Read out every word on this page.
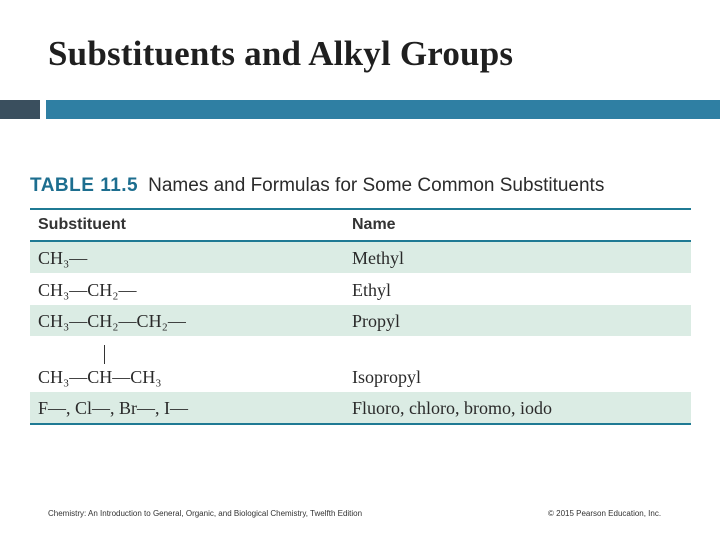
Substituents and Alkyl Groups
TABLE 11.5 Names and Formulas for Some Common Substituents
Substituent	Name
CH₃—	Methyl
CH₃—CH₂—	Ethyl
CH₃—CH₂—CH₂—	Propyl
CH₃—CH—CH₃	Isopropyl
F—, Cl—, Br—, I—	Fluoro, chloro, bromo, iodo
Chemistry: An Introduction to General, Organic, and Biological Chemistry, Twelfth Edition	© 2015 Pearson Education, Inc.
